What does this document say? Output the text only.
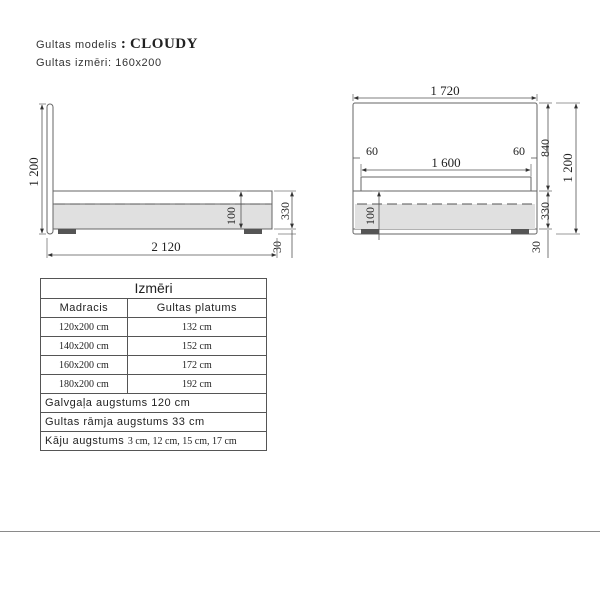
Gultas modelis : CLOUDY
Gultas izmēri: 160x200
1 200
100	330
30
2 120
1 720
1 600
60	60
100
840
330
30
1 200
Izmēri	
Madracis	Gultas platums
120x200 cm	132 cm
140x200 cm	152 cm
160x200 cm	172 cm
180x200 cm	192 cm
Galvgaļa augstums 120 cm	
Gultas rāmja augstums 33 cm	
Kāju augstums 3 cm, 12 cm, 15 cm, 17 cm	
